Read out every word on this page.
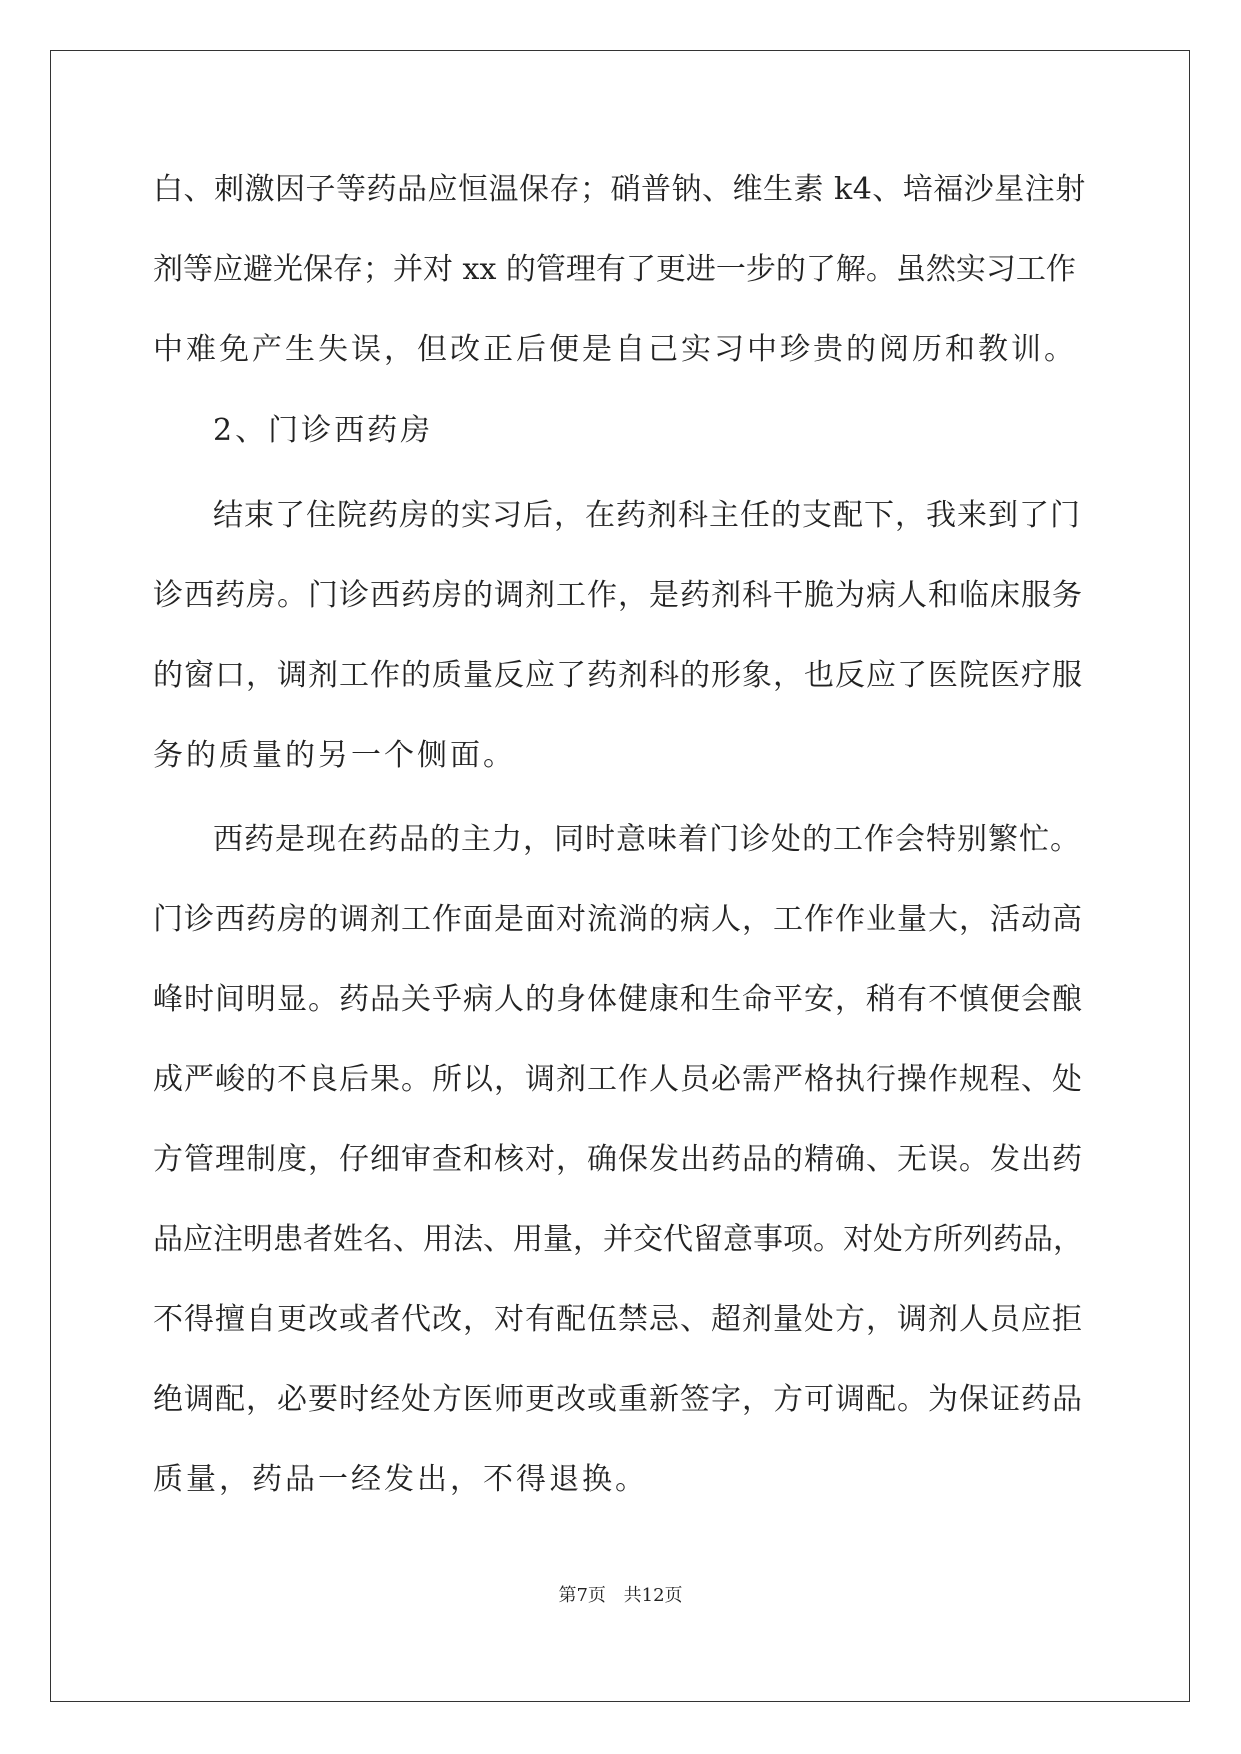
白、刺激因子等药品应恒温保存；硝普钠、维生素 k4、培福沙星注射
剂等应避光保存；并对 xx 的管理有了更进一步的了解。虽然实习工作
中难免产生失误，但改正后便是自己实习中珍贵的阅历和教训。
2、门诊西药房
结束了住院药房的实习后，在药剂科主任的支配下，我来到了门
诊西药房。门诊西药房的调剂工作，是药剂科干脆为病人和临床服务
的窗口，调剂工作的质量反应了药剂科的形象，也反应了医院医疗服
务的质量的另一个侧面。
西药是现在药品的主力，同时意味着门诊处的工作会特别繁忙。
门诊西药房的调剂工作面是面对流淌的病人，工作作业量大，活动高
峰时间明显。药品关乎病人的身体健康和生命平安，稍有不慎便会酿
成严峻的不良后果。所以，调剂工作人员必需严格执行操作规程、处
方管理制度，仔细审查和核对，确保发出药品的精确、无误。发出药
品应注明患者姓名、用法、用量，并交代留意事项。对处方所列药品，
不得擅自更改或者代改，对有配伍禁忌、超剂量处方，调剂人员应拒
绝调配，必要时经处方医师更改或重新签字，方可调配。为保证药品
质量，药品一经发出，不得退换。
第7页 共12页
